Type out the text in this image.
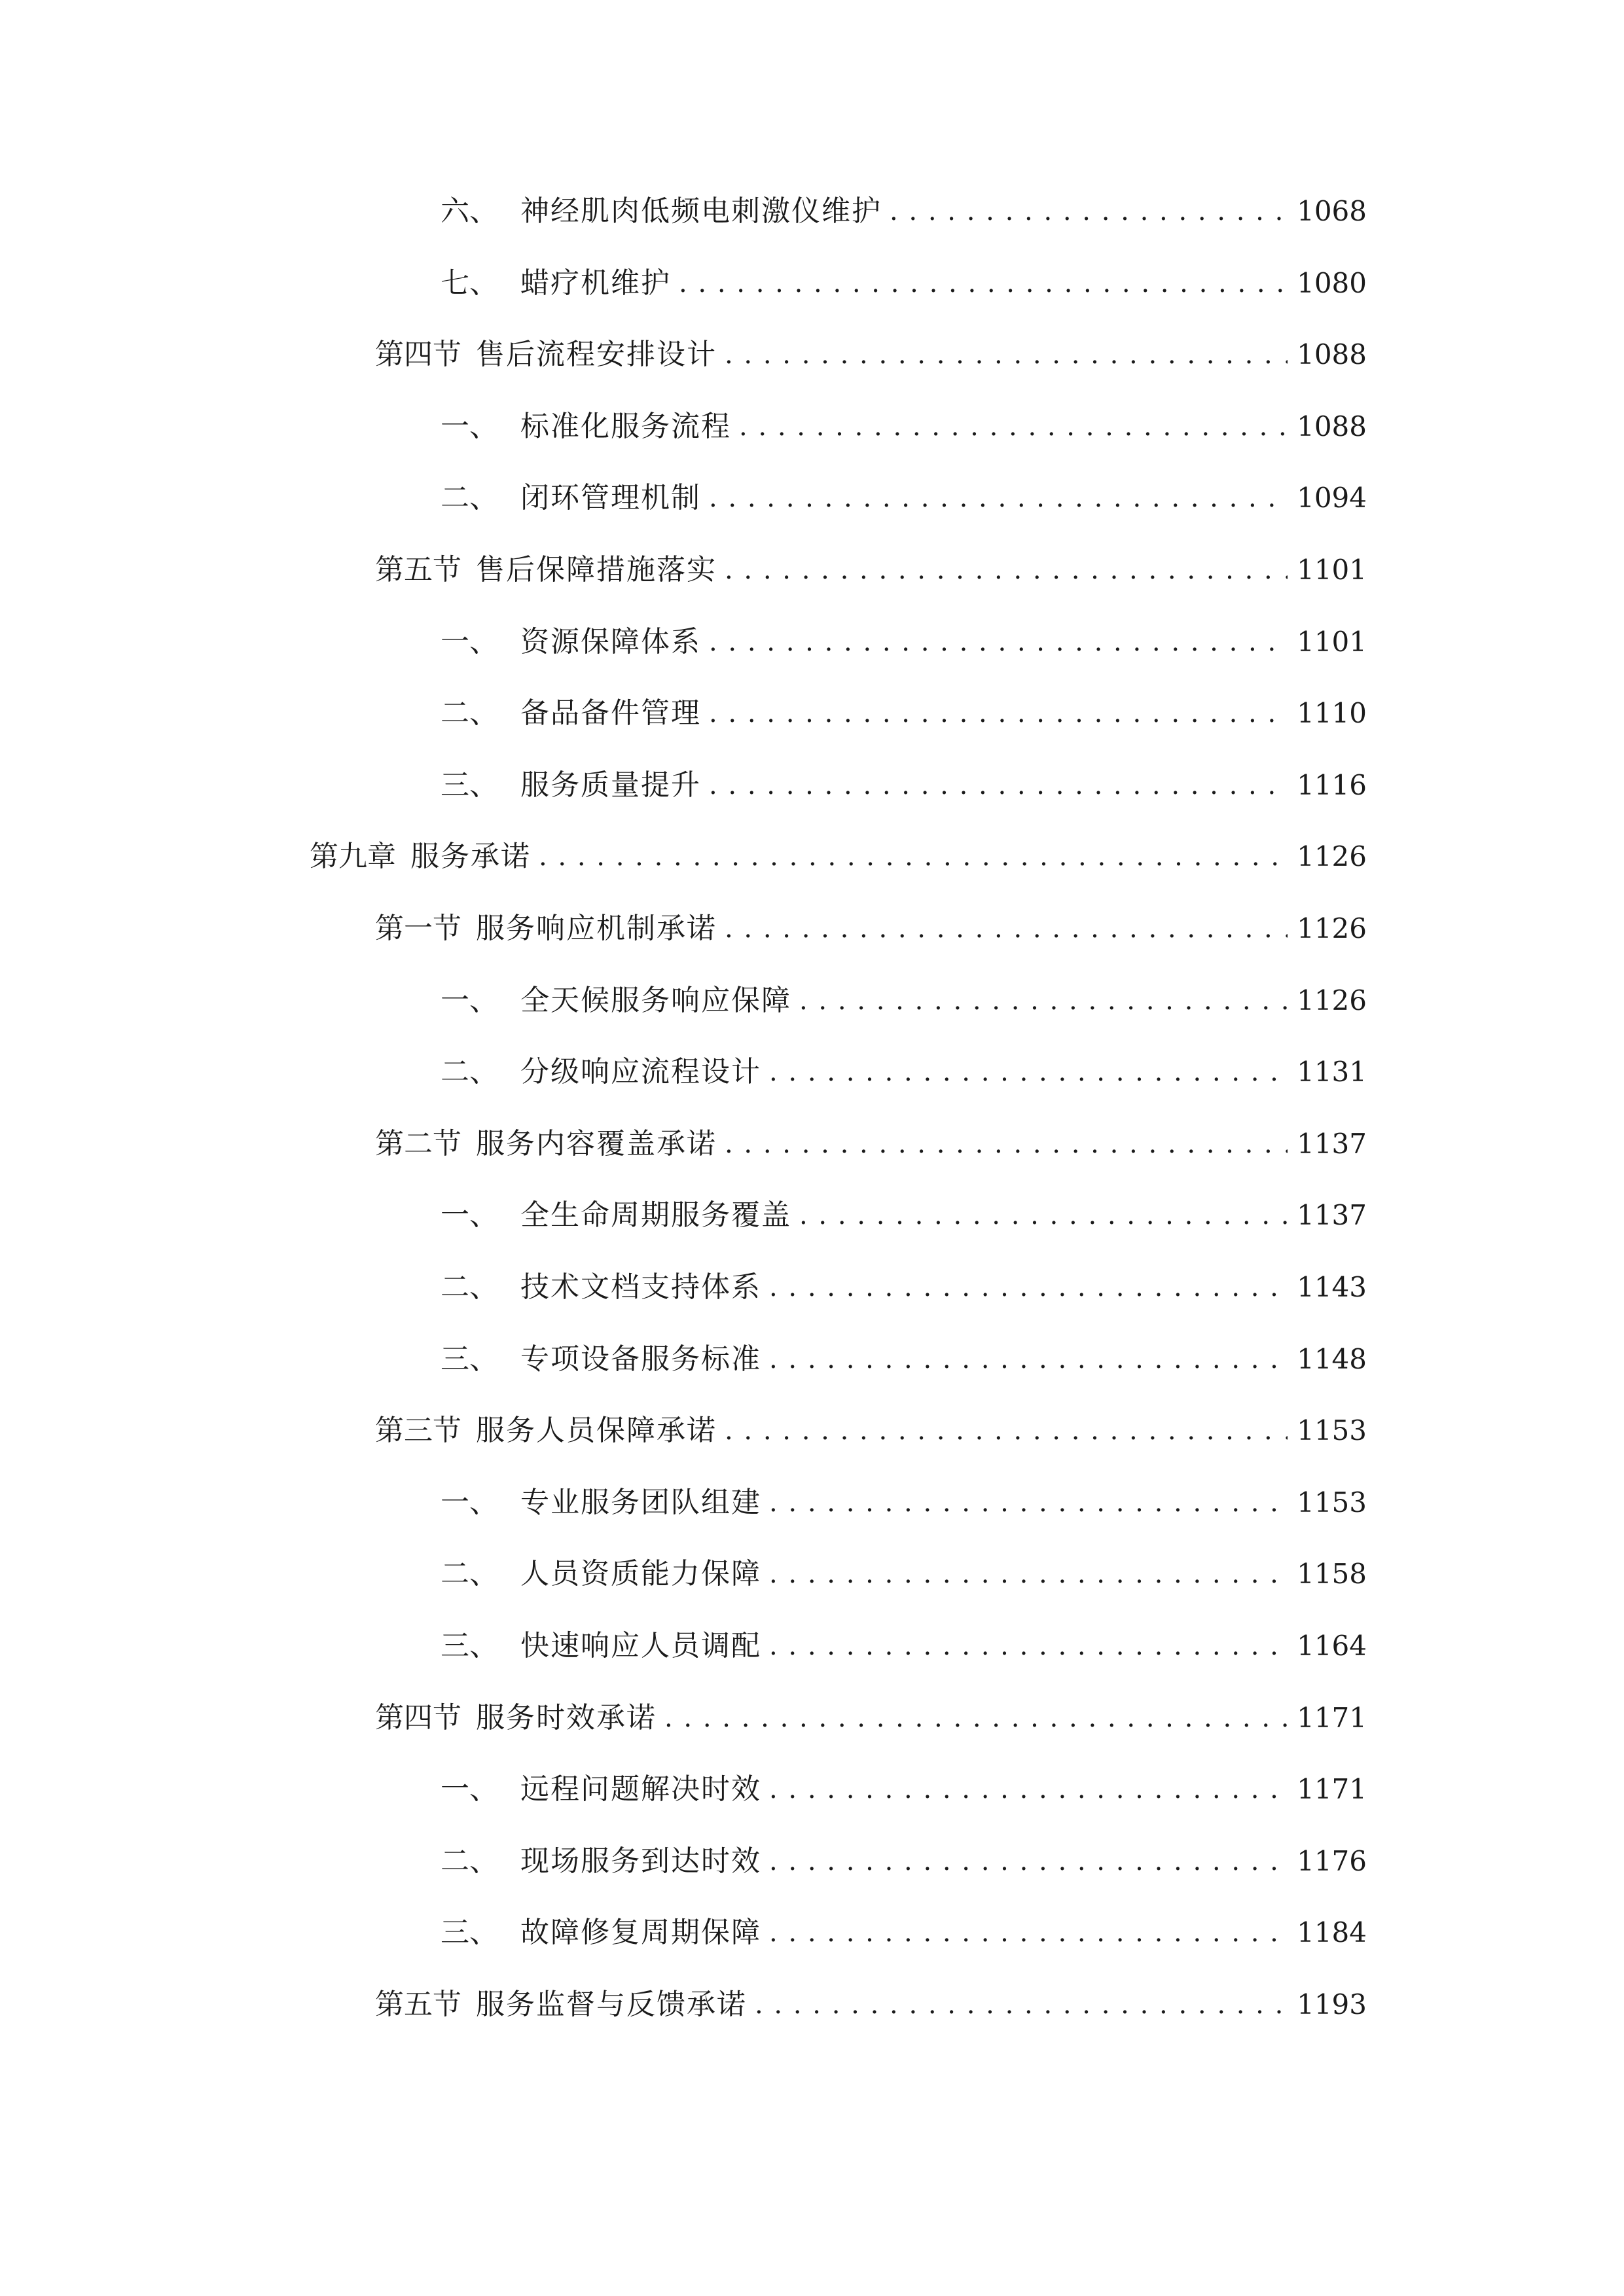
六、 神经肌肉低频电刺激仪维护 . . .	1068
七、 蜡疗机维护 . . .	1080
第四节 售后流程安排设计 . . .	1088
一、 标准化服务流程 . . .	1088
二、 闭环管理机制 . . .	1094
第五节 售后保障措施落实 . . .	1101
一、 资源保障体系 . . .	1101
二、 备品备件管理 . . .	1110
三、 服务质量提升 . . .	1116
第九章 服务承诺 . . .	1126
第一节 服务响应机制承诺 . . .	1126
一、 全天候服务响应保障 . . .	1126
二、 分级响应流程设计 . . .	1131
第二节 服务内容覆盖承诺 . . .	1137
一、 全生命周期服务覆盖 . . .	1137
二、 技术文档支持体系 . . .	1143
三、 专项设备服务标准 . . .	1148
第三节 服务人员保障承诺 . . .	1153
一、 专业服务团队组建 . . .	1153
二、 人员资质能力保障 . . .	1158
三、 快速响应人员调配 . . .	1164
第四节 服务时效承诺 . . .	1171
一、 远程问题解决时效 . . .	1171
二、 现场服务到达时效 . . .	1176
三、 故障修复周期保障 . . .	1184
第五节 服务监督与反馈承诺 . . .	1193
